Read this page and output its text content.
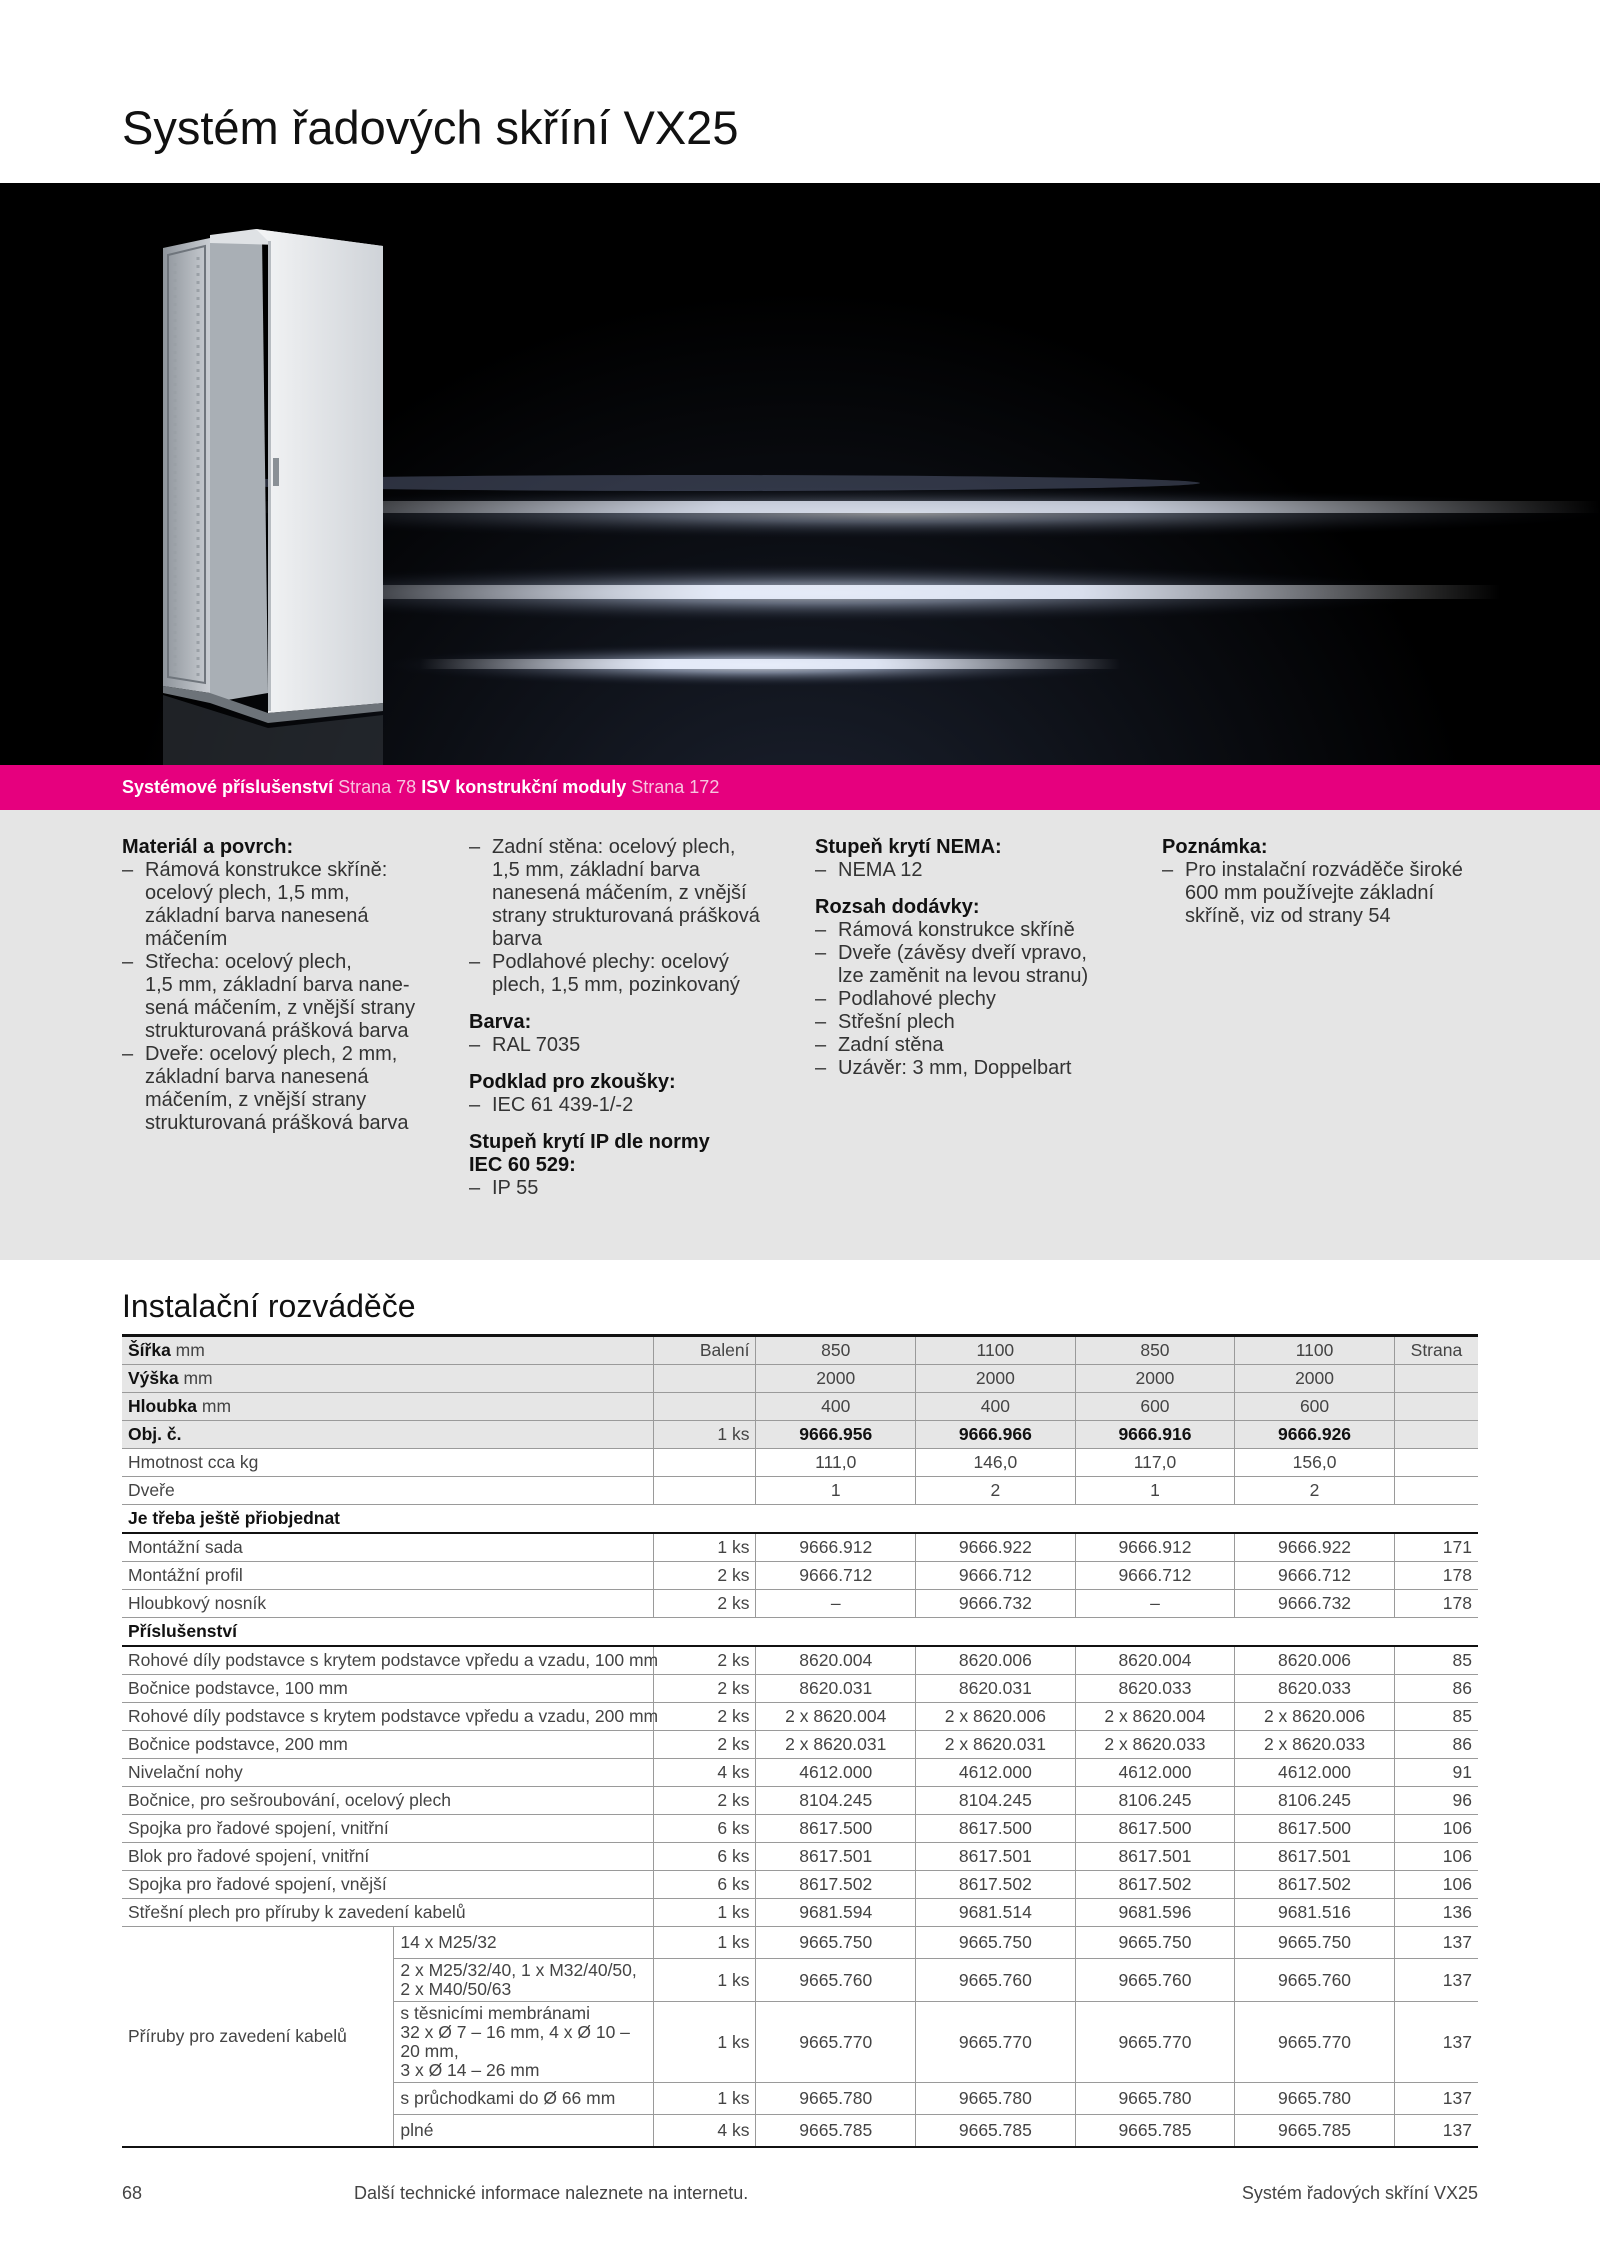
Systém řadových skříní VX25
Systémové příslušenství Strana 78 ISV konstrukční moduly Strana 172
Materiál a povrch:
– Rámová konstrukce skříně:
ocelový plech, 1,5 mm,
základní barva nanesená
máčením
– Střecha: ocelový plech,
1,5 mm, základní barva nane-
sená máčením, z vnější strany
strukturovaná prášková barva
– Dveře: ocelový plech, 2 mm,
základní barva nanesená
máčením, z vnější strany
strukturovaná prášková barva
– Zadní stěna: ocelový plech,
1,5 mm, základní barva
nanesená máčením, z vnější
strany strukturovaná prášková
barva
– Podlahové plechy: ocelový
plech, 1,5 mm, pozinkovaný
Barva:
– RAL 7035
Podklad pro zkoušky:
– IEC 61 439-1/-2
Stupeň krytí IP dle normy
IEC 60 529:
– IP 55
Stupeň krytí NEMA:
– NEMA 12
Rozsah dodávky:
– Rámová konstrukce skříně
– Dveře (závěsy dveří vpravo,
lze zaměnit na levou stranu)
– Podlahové plechy
– Střešní plech
– Zadní stěna
– Uzávěr: 3 mm, Doppelbart
Poznámka:
– Pro instalační rozváděče široké
600 mm používejte základní
skříně, viz od strany 54
Instalační rozváděče
Šířka mm		Balení	850	1100	850	1100	Strana
Výška mm			2000	2000	2000	2000	
Hloubka mm			400	400	600	600	
Obj. č.		1 ks	9666.956	9666.966	9666.916	9666.926	
Hmotnost cca kg			111,0	146,0	117,0	156,0	
Dveře			1	2	1	2	
Je třeba ještě přiobjednat							
Montážní sada		1 ks	9666.912	9666.922	9666.912	9666.922	171
Montážní profil		2 ks	9666.712	9666.712	9666.712	9666.712	178
Hloubkový nosník		2 ks	–	9666.732	–	9666.732	178
Příslušenství							
Rohové díly podstavce s krytem podstavce vpředu a vzadu, 100 mm		2 ks	8620.004	8620.006	8620.004	8620.006	85
Bočnice podstavce, 100 mm		2 ks	8620.031	8620.031	8620.033	8620.033	86
Rohové díly podstavce s krytem podstavce vpředu a vzadu, 200 mm		2 ks	2 x 8620.004	2 x 8620.006	2 x 8620.004	2 x 8620.006	85
Bočnice podstavce, 200 mm		2 ks	2 x 8620.031	2 x 8620.031	2 x 8620.033	2 x 8620.033	86
Nivelační nohy		4 ks	4612.000	4612.000	4612.000	4612.000	91
Bočnice, pro sešroubování, ocelový plech		2 ks	8104.245	8104.245	8106.245	8106.245	96
Spojka pro řadové spojení, vnitřní		6 ks	8617.500	8617.500	8617.500	8617.500	106
Blok pro řadové spojení, vnitřní		6 ks	8617.501	8617.501	8617.501	8617.501	106
Spojka pro řadové spojení, vnější		6 ks	8617.502	8617.502	8617.502	8617.502	106
Střešní plech pro příruby k zavedení kabelů		1 ks	9681.594	9681.514	9681.596	9681.516	136
Příruby pro zavedení kabelů	14 x M25/32	1 ks	9665.750	9665.750	9665.750	9665.750	137
	2 x M25/32/40, 1 x M32/40/50,
2 x M40/50/63	1 ks	9665.760	9665.760	9665.760	9665.760	137
	s těsnicími membránami
32 x Ø 7 – 16 mm, 4 x Ø 10 – 20 mm,
3 x Ø 14 – 26 mm	1 ks	9665.770	9665.770	9665.770	9665.770	137
	s průchodkami do Ø 66 mm	1 ks	9665.780	9665.780	9665.780	9665.780	137
	plné	4 ks	9665.785	9665.785	9665.785	9665.785	137
68	Další technické informace naleznete na internetu.	Systém řadových skříní VX25
